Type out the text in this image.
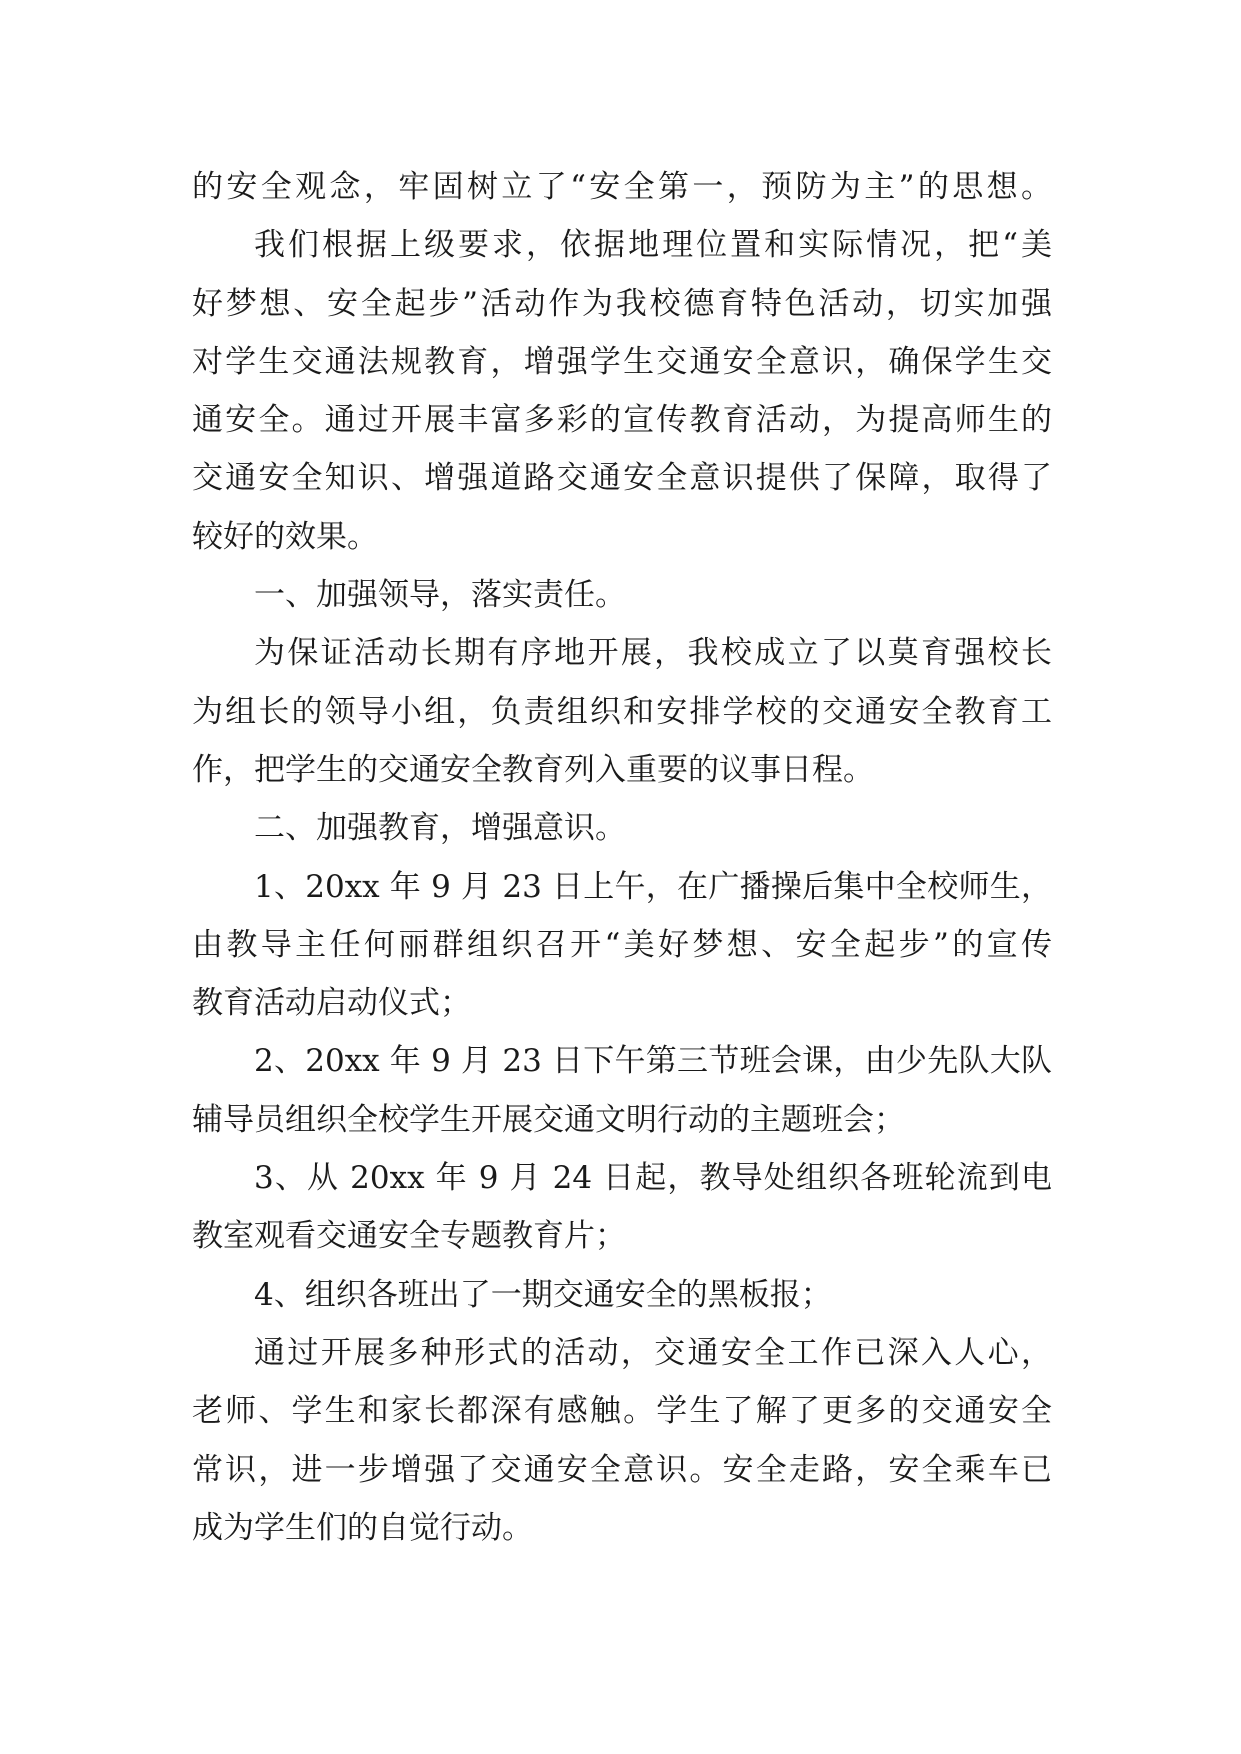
的安全观念，牢固树立了“安全第一，预防为主”的思想。
我们根据上级要求，依据地理位置和实际情况，把“美
好梦想、安全起步”活动作为我校德育特色活动，切实加强
对学生交通法规教育，增强学生交通安全意识，确保学生交
通安全。通过开展丰富多彩的宣传教育活动，为提高师生的
交通安全知识、增强道路交通安全意识提供了保障，取得了
较好的效果。
一、加强领导，落实责任。
为保证活动长期有序地开展，我校成立了以莫育强校长
为组长的领导小组，负责组织和安排学校的交通安全教育工
作，把学生的交通安全教育列入重要的议事日程。
二、加强教育，增强意识。
1、20xx 年 9 月 23 日上午，在广播操后集中全校师生，
由教导主任何丽群组织召开“美好梦想、安全起步”的宣传
教育活动启动仪式；
2、20xx 年 9 月 23 日下午第三节班会课，由少先队大队
辅导员组织全校学生开展交通文明行动的主题班会；
3、从 20xx 年 9 月 24 日起，教导处组织各班轮流到电
教室观看交通安全专题教育片；
4、组织各班出了一期交通安全的黑板报；
通过开展多种形式的活动，交通安全工作已深入人心，
老师、学生和家长都深有感触。学生了解了更多的交通安全
常识，进一步增强了交通安全意识。安全走路，安全乘车已
成为学生们的自觉行动。
